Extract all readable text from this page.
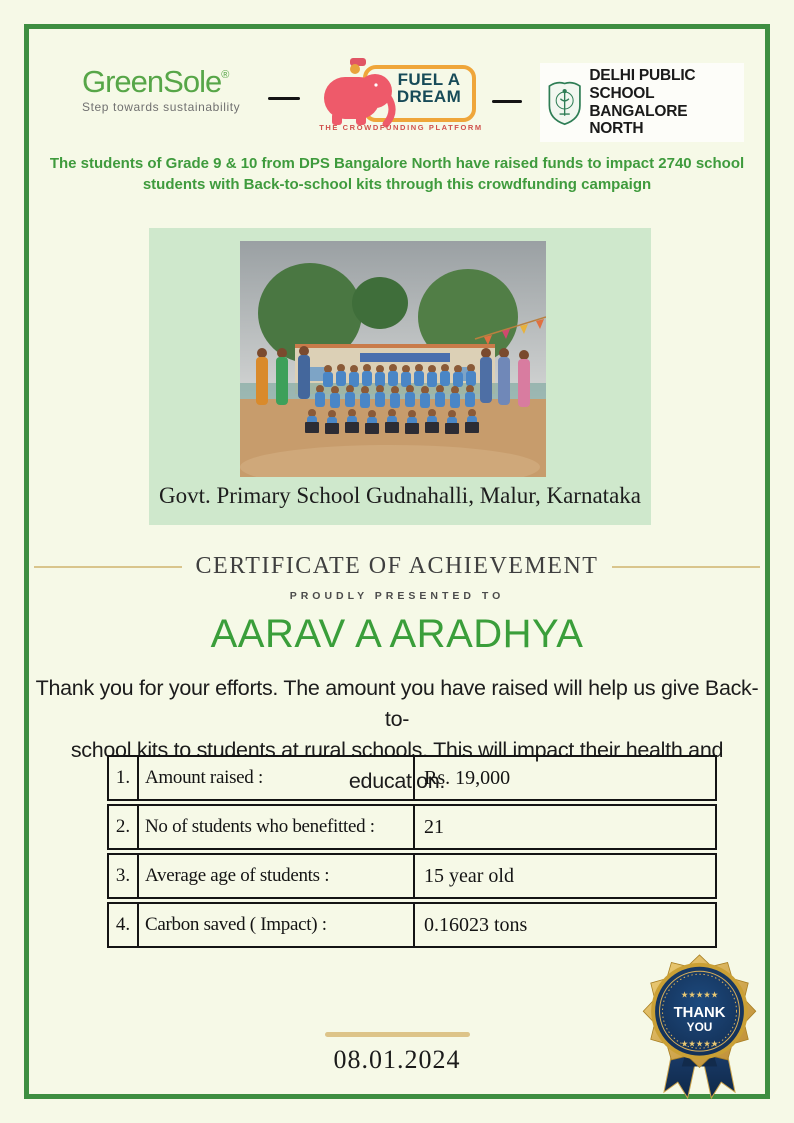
GreenSole®
Step towards sustainability
FUEL A
DREAM
THE CROWDFUNDING PLATFORM
DELHI PUBLIC SCHOOL
BANGALORE NORTH
The students of Grade 9 & 10 from DPS Bangalore North have raised funds to impact 2740 school
students with Back-to-school kits through this crowdfunding campaign
Govt. Primary School Gudnahalli, Malur, Karnataka
CERTIFICATE OF ACHIEVEMENT
PROUDLY PRESENTED TO
AARAV A ARADHYA
Thank you for your efforts. The amount you have raised will help us give Back-to-
school kits to students at rural schools. This will impact their health and education.
1. Amount raised :	Rs. 19,000
2. No of students who benefitted :	21
3. Average age of students :	15 year old
4. Carbon saved ( Impact) :	0.16023 tons
08.01.2024
★★★★★
THANK
YOU
★★★★★
